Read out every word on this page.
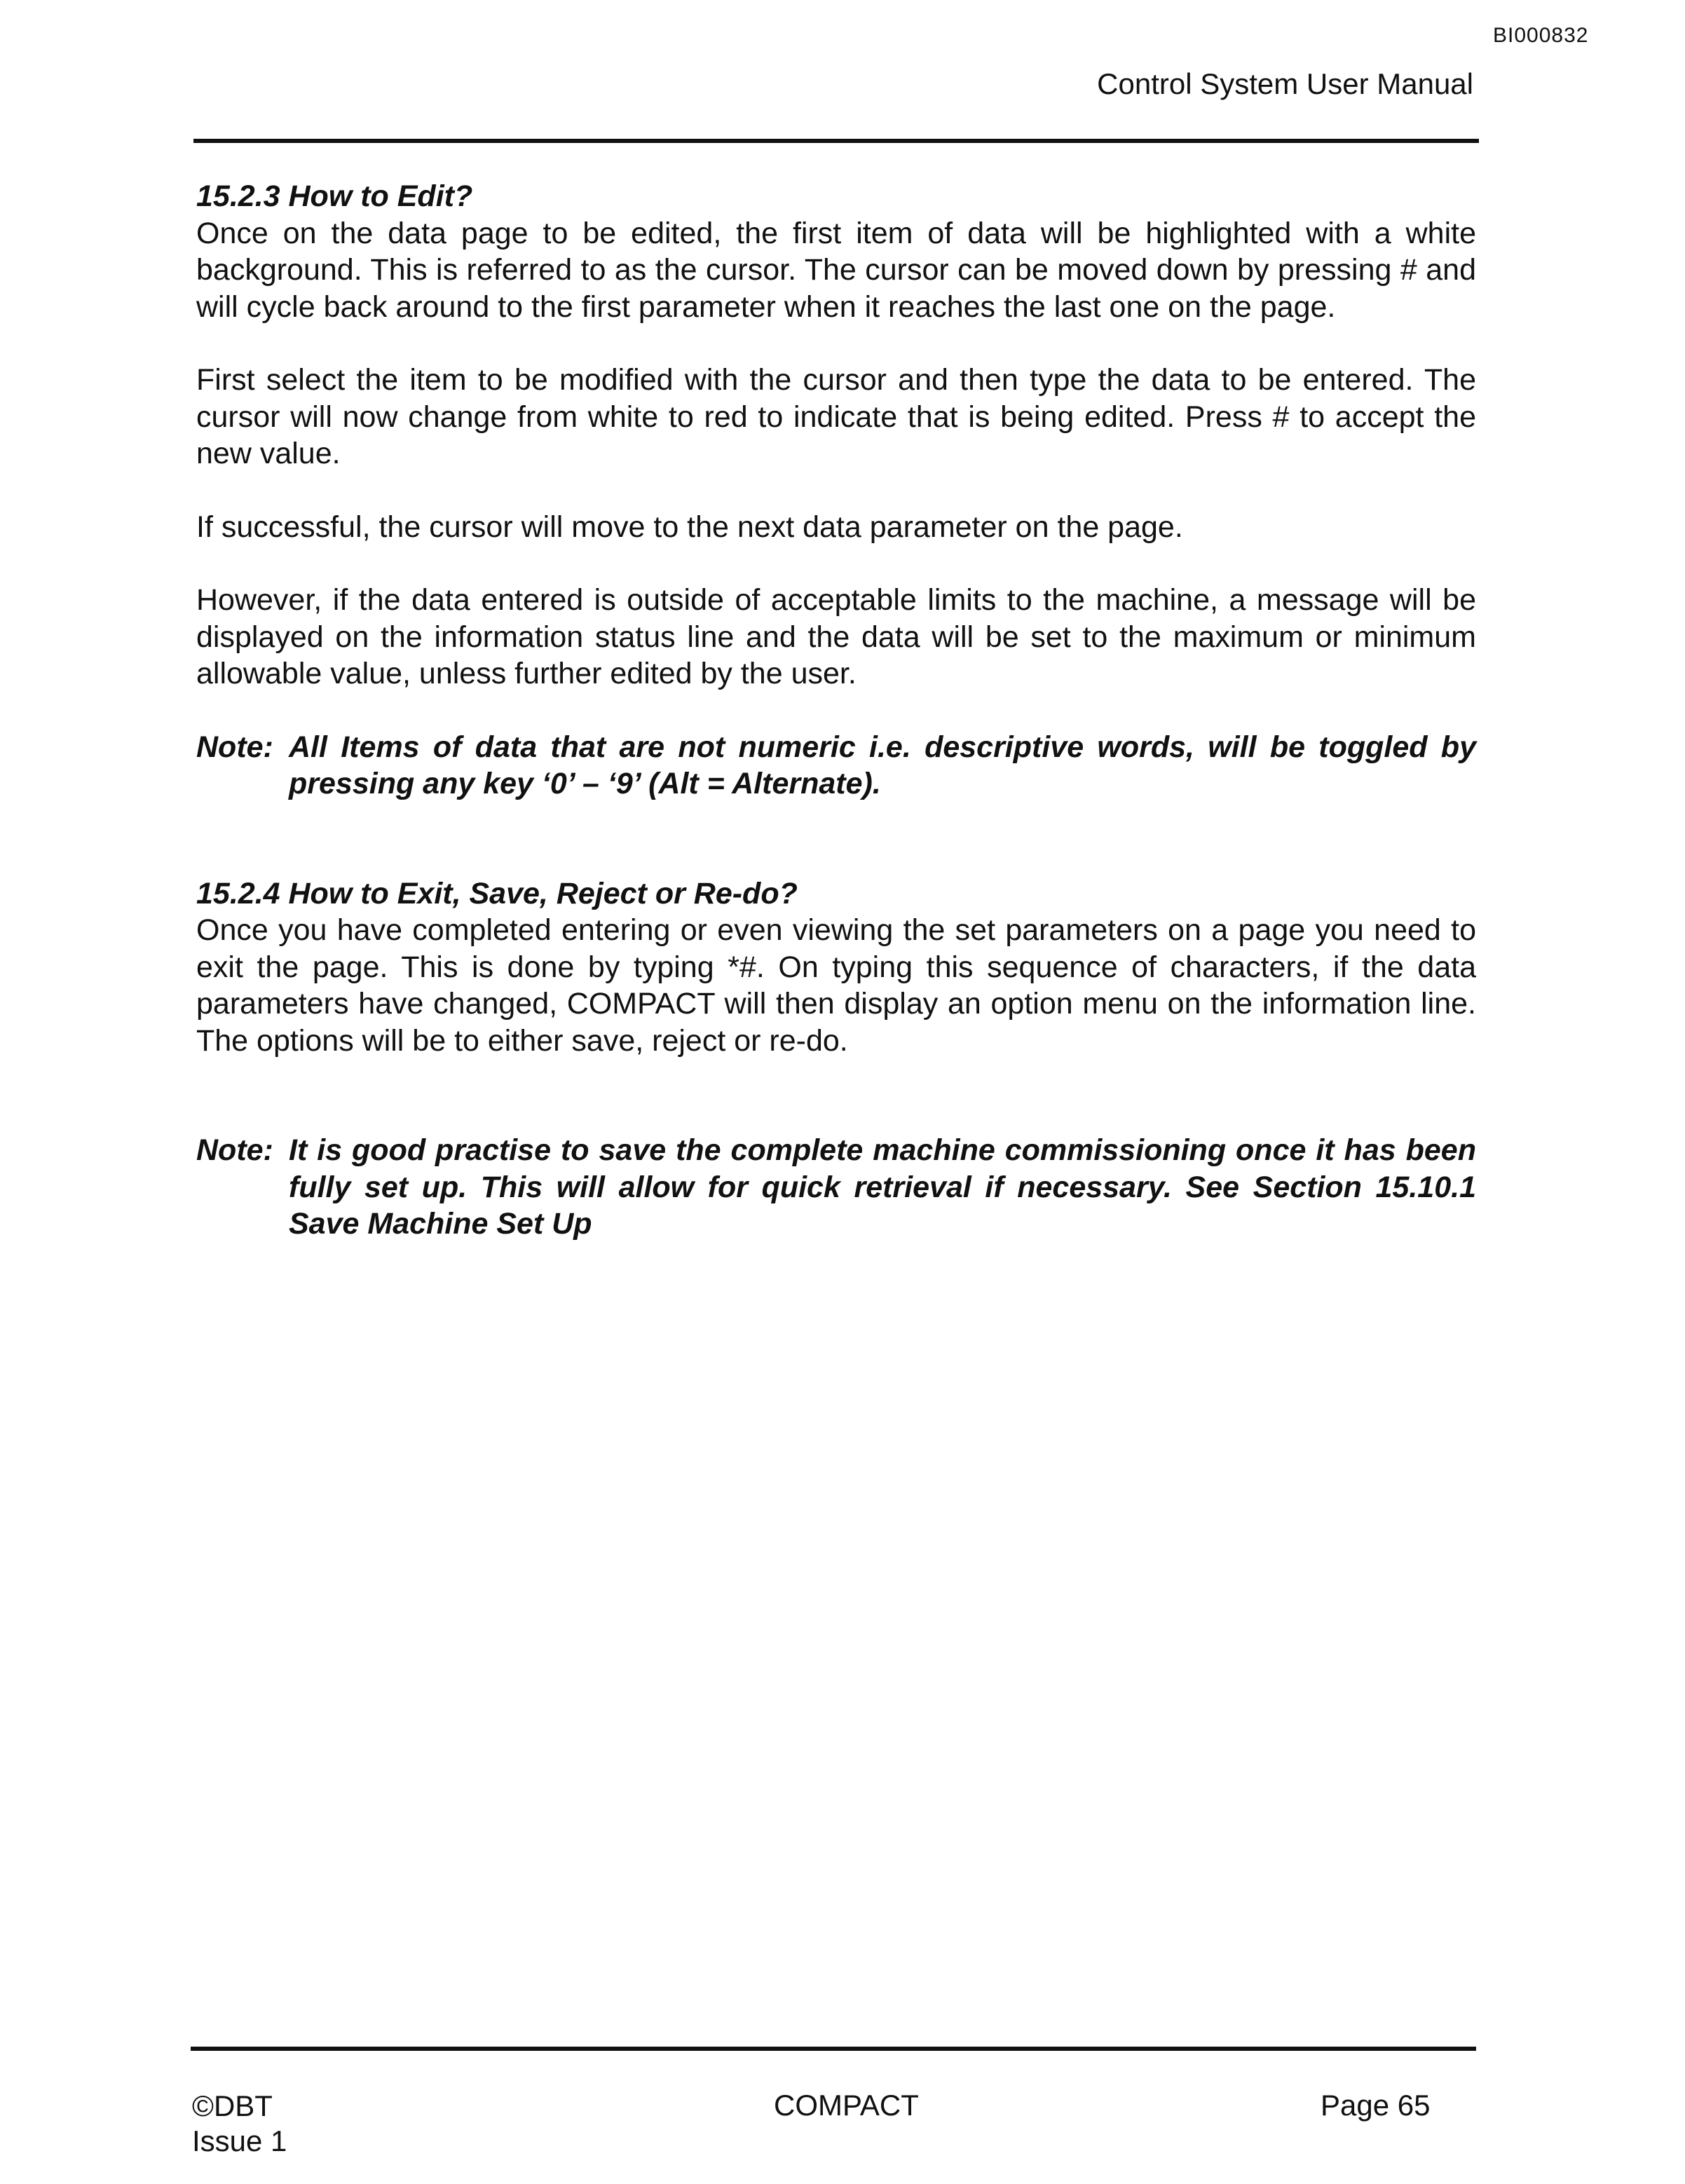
BI000832
Control System User Manual

15.2.3 How to Edit?

Once on the data page to be edited, the first item of data will be highlighted with a white background. This is referred to as the cursor. The cursor can be moved down by pressing # and will cycle back around to the first parameter when it reaches the last one on the page.

First select the item to be modified with the cursor and then type the data to be entered. The cursor will now change from white to red to indicate that is being edited. Press # to accept the new value.

If successful, the cursor will move to the next data parameter on the page.

However, if the data entered is outside of acceptable limits to the machine, a message will be displayed on the information status line and the data will be set to the maximum or minimum allowable value, unless further edited by the user.

Note: All Items of data that are not numeric i.e. descriptive words, will be toggled by pressing any key ‘0’ – ‘9’ (Alt = Alternate).

15.2.4 How to Exit, Save, Reject or Re-do?

Once you have completed entering or even viewing the set parameters on a page you need to exit the page. This is done by typing *#. On typing this sequence of characters, if the data parameters have changed, COMPACT will then display an option menu on the information line. The options will be to either save, reject or re-do.

Note: It is good practise to save the complete machine commissioning once it has been fully set up. This will allow for quick retrieval if necessary. See Section 15.10.1 Save Machine Set Up
©DBT
Issue 1
COMPACT	Page 65
